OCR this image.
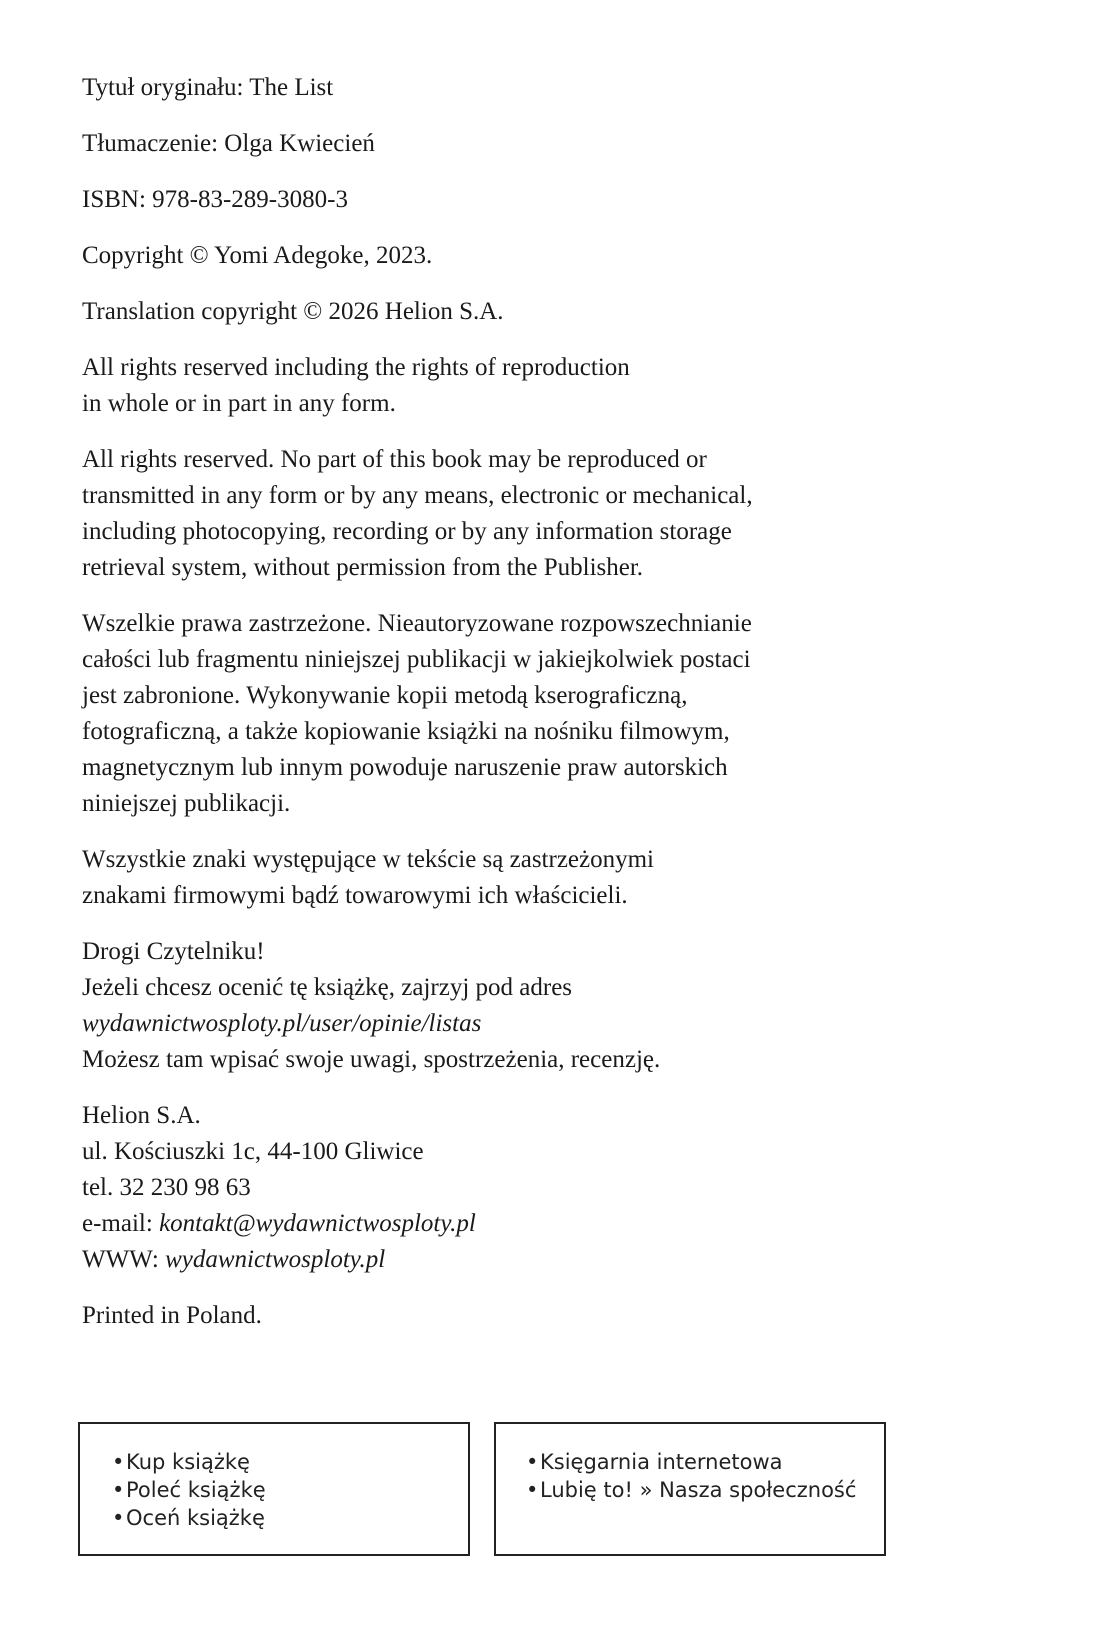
Tytuł oryginału: The List

Tłumaczenie: Olga Kwiecień

ISBN: 978-83-289-3080-3

Copyright © Yomi Adegoke, 2023.

Translation copyright © 2026 Helion S.A.

All rights reserved including the rights of reproduction
in whole or in part in any form.

All rights reserved. No part of this book may be reproduced or
transmitted in any form or by any means, electronic or mechanical,
including photocopying, recording or by any information storage
retrieval system, without permission from the Publisher.

Wszelkie prawa zastrzeżone. Nieautoryzowane rozpowszechnianie
całości lub fragmentu niniejszej publikacji w jakiejkolwiek postaci
jest zabronione. Wykonywanie kopii metodą kserograficzną,
fotograficzną, a także kopiowanie książki na nośniku filmowym,
magnetycznym lub innym powoduje naruszenie praw autorskich
niniejszej publikacji.

Wszystkie znaki występujące w tekście są zastrzeżonymi
znakami firmowymi bądź towarowymi ich właścicieli.

Drogi Czytelniku!
Jeżeli chcesz ocenić tę książkę, zajrzyj pod adres
wydawnictwosploty.pl/user/opinie/listas
Możesz tam wpisać swoje uwagi, spostrzeżenia, recenzję.

Helion S.A.
ul. Kościuszki 1c, 44-100 Gliwice
tel. 32 230 98 63
e-mail: kontakt@wydawnictwosploty.pl
WWW: wydawnictwosploty.pl

Printed in Poland.

•Kup książkę
•Poleć książkę
•Oceń książkę
•Księgarnia internetowa
•Lubię to! » Nasza społeczność
